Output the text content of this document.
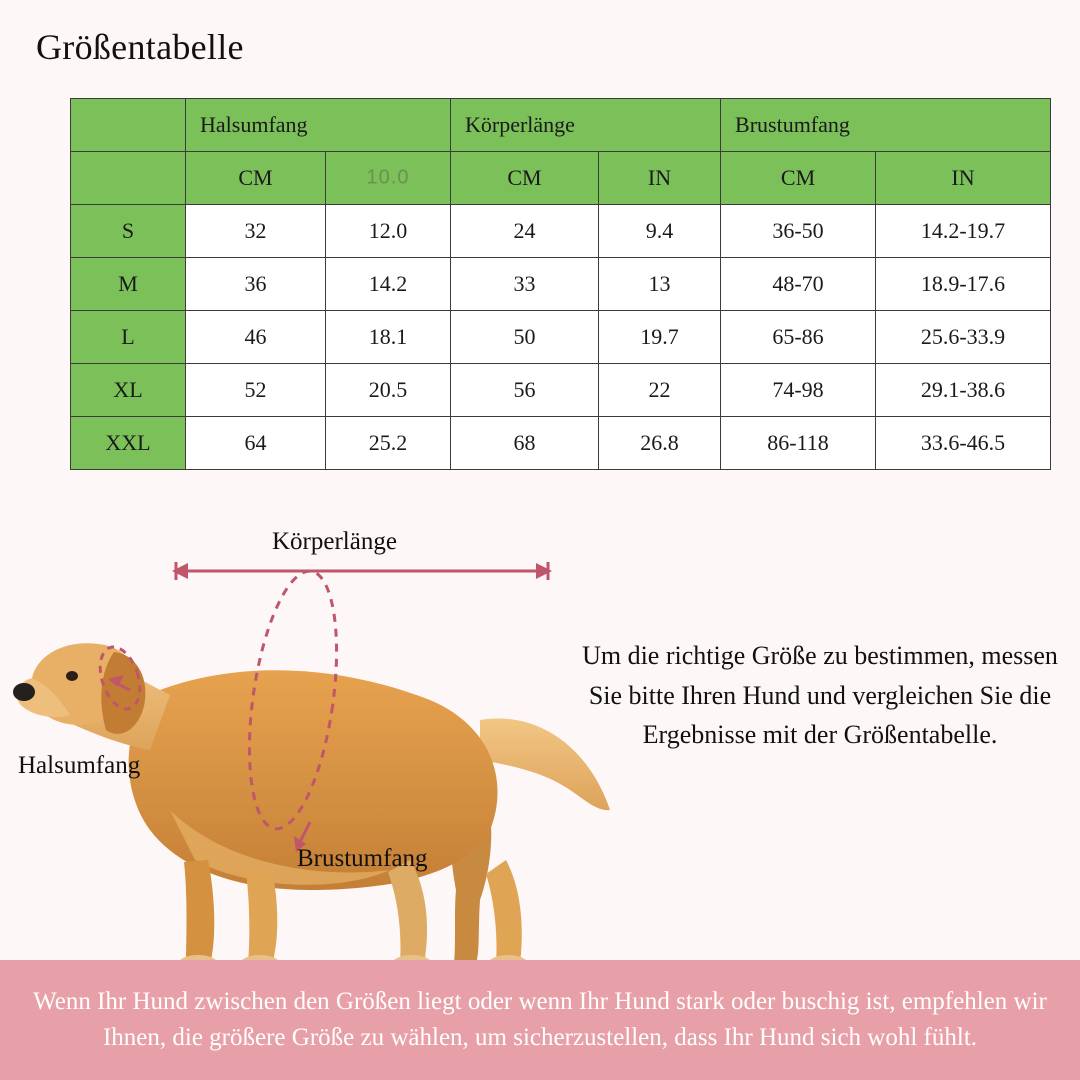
Größentabelle
	Halsumfang		Körperlänge		Brustumfang	
	CM	10.0	CM	IN	CM	IN
S	32	12.0	24	9.4	36-50	14.2-19.7
M	36	14.2	33	13	48-70	18.9-17.6
L	46	18.1	50	19.7	65-86	25.6-33.9
XL	52	20.5	56	22	74-98	29.1-38.6
XXL	64	25.2	68	26.8	86-118	33.6-46.5
Körperlänge
Halsumfang
Brustumfang
Um die richtige Größe zu bestimmen, messen Sie bitte Ihren Hund und vergleichen Sie die Ergebnisse mit der Größentabelle.
Wenn Ihr Hund zwischen den Größen liegt oder wenn Ihr Hund stark oder buschig ist, empfehlen wir Ihnen, die größere Größe zu wählen, um sicherzustellen, dass Ihr Hund sich wohl fühlt.
